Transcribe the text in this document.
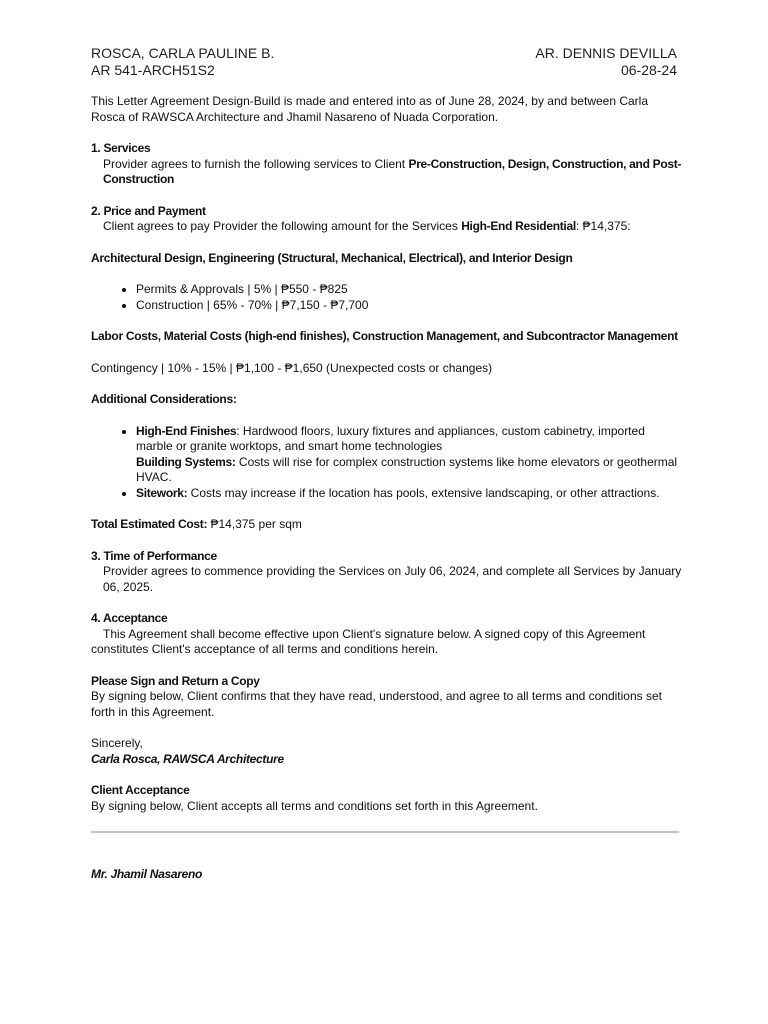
ROSCA, CARLA PAULINE B.
AR 541-ARCH51S2
AR. DENNIS DEVILLA
06-28-24

This Letter Agreement Design-Build is made and entered into as of June 28, 2024, by and between Carla Rosca of RAWSCA Architecture and Jhamil Nasareno of Nuada Corporation.

1. Services

Provider agrees to furnish the following services to Client Pre-Construction, Design, Construction, and Post-Construction

2. Price and Payment

Client agrees to pay Provider the following amount for the Services High-End Residential: ₱14,375:

Architectural Design, Engineering (Structural, Mechanical, Electrical), and Interior Design

• Permits & Approvals | 5% | ₱550 - ₱825
• Construction | 65% - 70% | ₱7,150 - ₱7,700

Labor Costs, Material Costs (high-end finishes), Construction Management, and Subcontractor Management

Contingency | 10% - 15% | ₱1,100 - ₱1,650 (Unexpected costs or changes)

Additional Considerations:

• High-End Finishes: Hardwood floors, luxury fixtures and appliances, custom cabinetry, imported marble or granite worktops, and smart home technologies
Building Systems: Costs will rise for complex construction systems like home elevators or geothermal HVAC.
• Sitework: Costs may increase if the location has pools, extensive landscaping, or other attractions.

Total Estimated Cost: ₱14,375 per sqm

3. Time of Performance

Provider agrees to commence providing the Services on July 06, 2024, and complete all Services by January 06, 2025.

4. Acceptance

This Agreement shall become effective upon Client's signature below. A signed copy of this Agreement constitutes Client's acceptance of all terms and conditions herein.

Please Sign and Return a Copy

By signing below, Client confirms that they have read, understood, and agree to all terms and conditions set forth in this Agreement.

Sincerely,

Carla Rosca, RAWSCA Architecture

Client Acceptance

By signing below, Client accepts all terms and conditions set forth in this Agreement.

Mr. Jhamil Nasareno
